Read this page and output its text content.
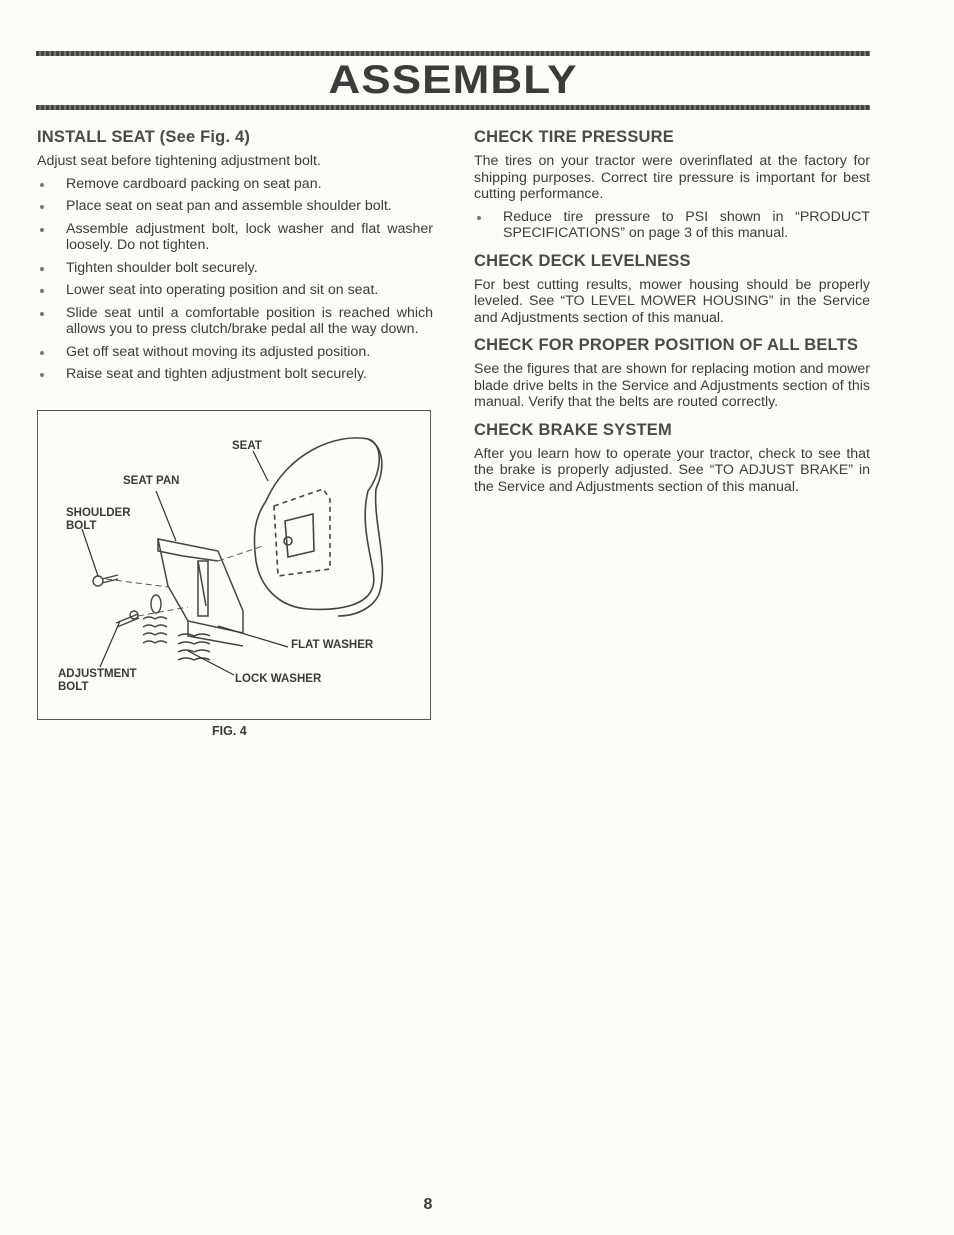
ASSEMBLY
INSTALL SEAT (See Fig. 4)

Adjust seat before tightening adjustment bolt.

Remove cardboard packing on seat pan.
Place seat on seat pan and assemble shoulder bolt.
Assemble adjustment bolt, lock washer and flat washer loosely. Do not tighten.
Tighten shoulder bolt securely.
Lower seat into operating position and sit on seat.
Slide seat until a comfortable position is reached which allows you to press clutch/brake pedal all the way down.
Get off seat without moving its adjusted position.
Raise seat and tighten adjustment bolt securely.
SEAT
SEAT PAN
SHOULDER
BOLT
FLAT WASHER
ADJUSTMENT
BOLT
LOCK WASHER
FIG. 4
CHECK TIRE PRESSURE

The tires on your tractor were overinflated at the factory for shipping purposes. Correct tire pressure is important for best cutting performance.

Reduce tire pressure to PSI shown in “PRODUCT SPECIFICATIONS” on page 3 of this manual.
CHECK DECK LEVELNESS

For best cutting results, mower housing should be properly leveled. See “TO LEVEL MOWER HOUSING” in the Service and Adjustments section of this manual.

CHECK FOR PROPER POSITION OF ALL BELTS

See the figures that are shown for replacing motion and mower blade drive belts in the Service and Adjustments section of this manual. Verify that the belts are routed correctly.

CHECK BRAKE SYSTEM

After you learn how to operate your tractor, check to see that the brake is properly adjusted. See “TO ADJUST BRAKE” in the Service and Adjustments section of this manual.

8
